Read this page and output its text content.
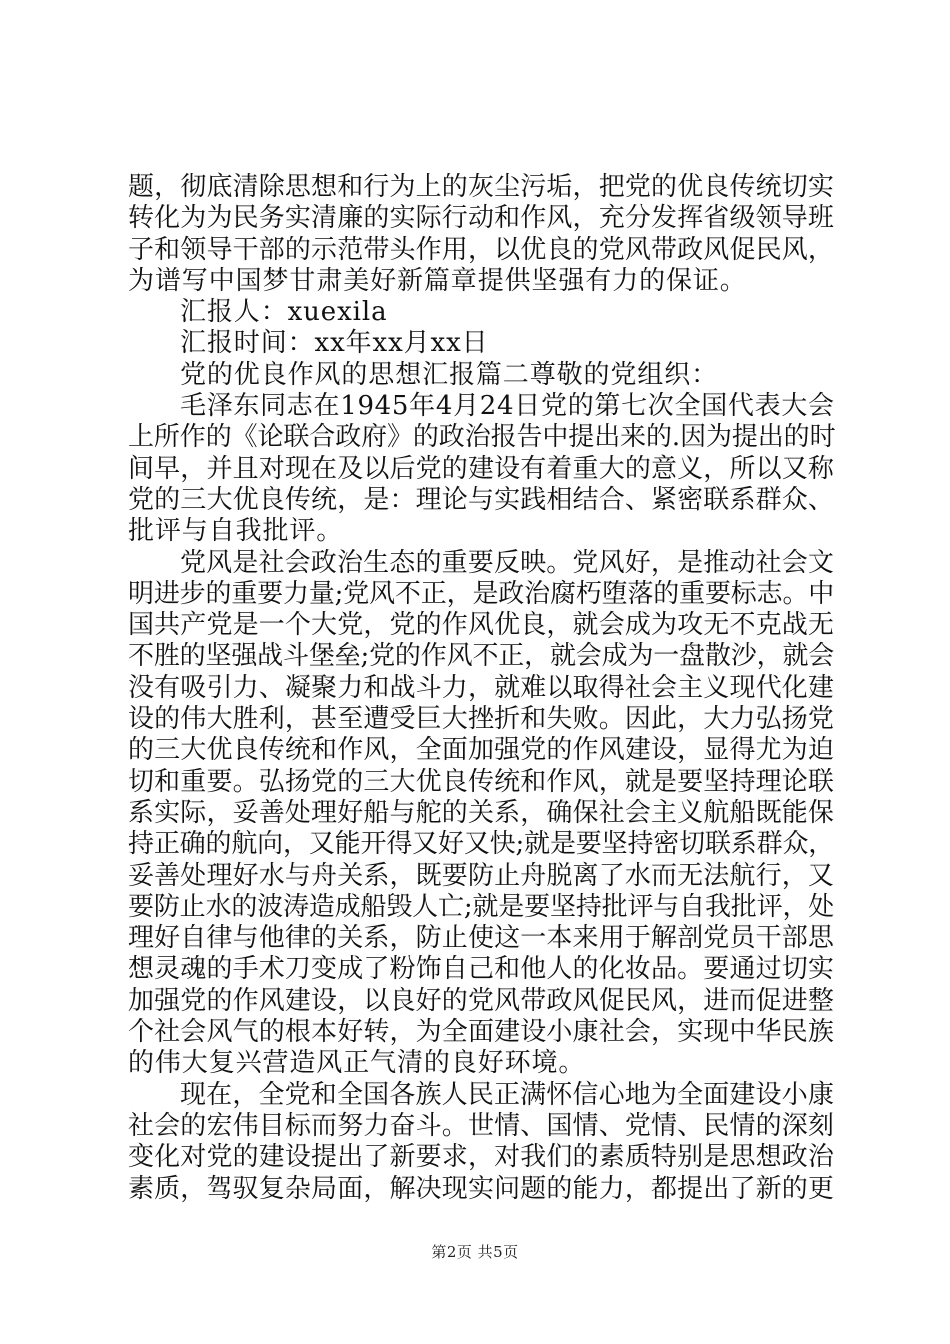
题，彻底清除思想和行为上的灰尘污垢，把党的优良传统切实
转化为为民务实清廉的实际行动和作风，充分发挥省级领导班
子和领导干部的示范带头作用，以优良的党风带政风促民风，
为谱写中国梦甘肃美好新篇章提供坚强有力的保证。
汇报人：xuexila
汇报时间：xx年xx月xx日
党的优良作风的思想汇报篇二尊敬的党组织：
毛泽东同志在1945年4月24日党的第七次全国代表大会
上所作的《论联合政府》的政治报告中提出来的.因为提出的时
间早，并且对现在及以后党的建设有着重大的意义，所以又称
党的三大优良传统，是：理论与实践相结合、紧密联系群众、
批评与自我批评。
党风是社会政治生态的重要反映。党风好，是推动社会文
明进步的重要力量;党风不正，是政治腐朽堕落的重要标志。中
国共产党是一个大党，党的作风优良，就会成为攻无不克战无
不胜的坚强战斗堡垒;党的作风不正，就会成为一盘散沙，就会
没有吸引力、凝聚力和战斗力，就难以取得社会主义现代化建
设的伟大胜利，甚至遭受巨大挫折和失败。因此，大力弘扬党
的三大优良传统和作风，全面加强党的作风建设，显得尤为迫
切和重要。弘扬党的三大优良传统和作风，就是要坚持理论联
系实际，妥善处理好船与舵的关系，确保社会主义航船既能保
持正确的航向，又能开得又好又快;就是要坚持密切联系群众，
妥善处理好水与舟关系，既要防止舟脱离了水而无法航行，又
要防止水的波涛造成船毁人亡;就是要坚持批评与自我批评，处
理好自律与他律的关系，防止使这一本来用于解剖党员干部思
想灵魂的手术刀变成了粉饰自己和他人的化妆品。要通过切实
加强党的作风建设，以良好的党风带政风促民风，进而促进整
个社会风气的根本好转，为全面建设小康社会，实现中华民族
的伟大复兴营造风正气清的良好环境。
现在，全党和全国各族人民正满怀信心地为全面建设小康
社会的宏伟目标而努力奋斗。世情、国情、党情、民情的深刻
变化对党的建设提出了新要求，对我们的素质特别是思想政治
素质，驾驭复杂局面，解决现实问题的能力，都提出了新的更
第2页 共5页
